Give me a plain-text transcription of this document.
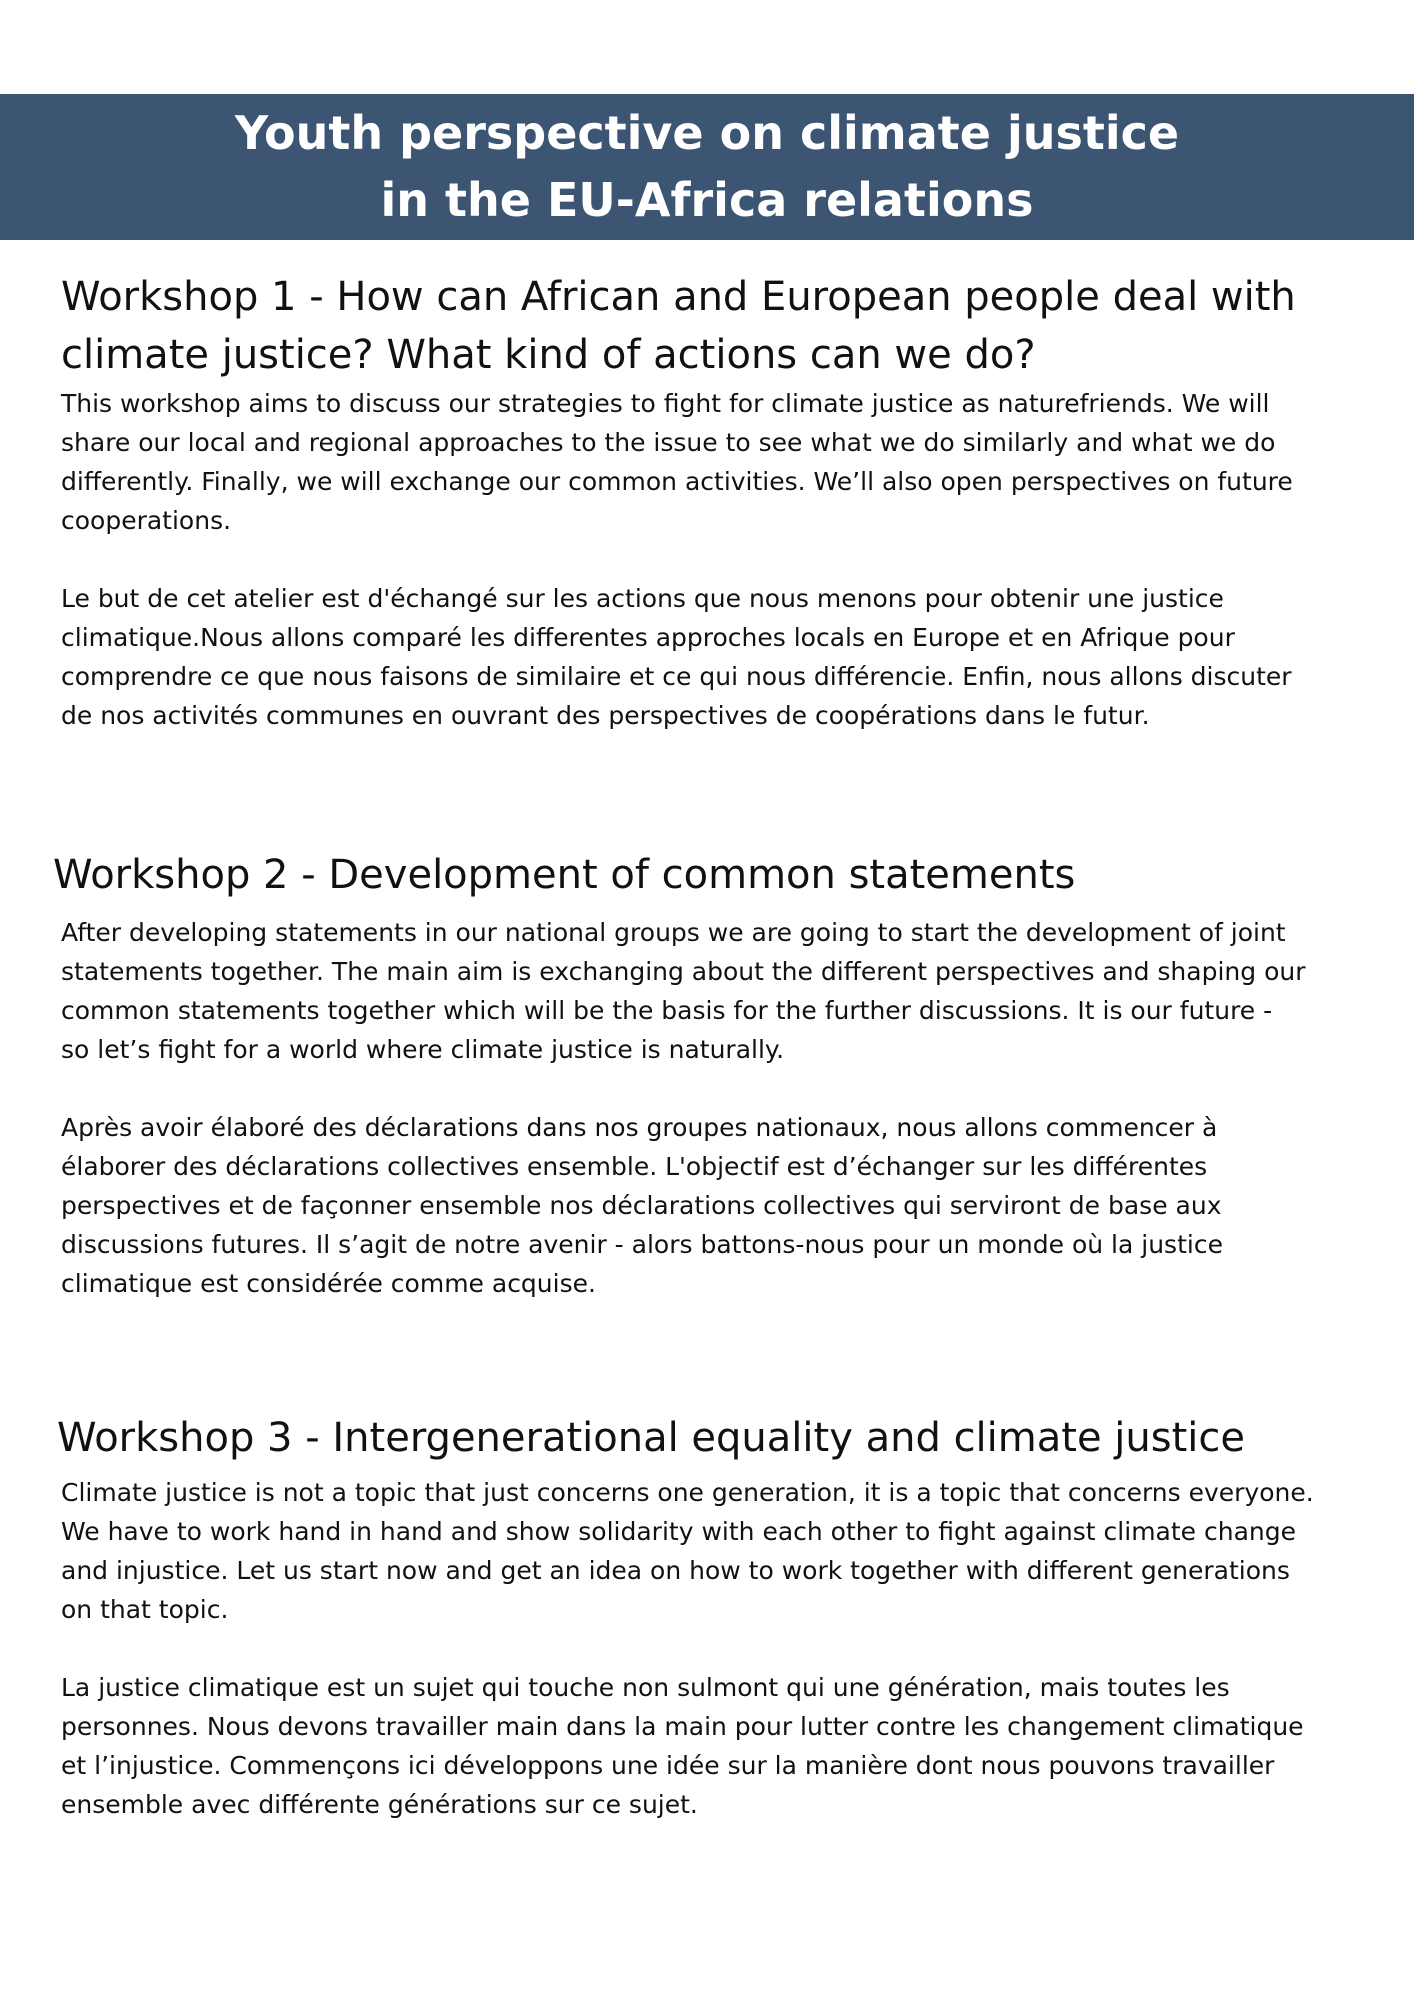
Youth perspective on climate justice
in the EU-Africa relations
Workshop 1 - How can African and European people deal with
climate justice? What kind of actions can we do?
This workshop aims to discuss our strategies to fight for climate justice as naturefriends. We will
share our local and regional approaches to the issue to see what we do similarly and what we do
differently. Finally, we will exchange our common activities. We’ll also open perspectives on future
cooperations.
Le but de cet atelier est d'échangé sur les actions que nous menons pour obtenir une justice
climatique.Nous allons comparé les differentes approches locals en Europe et en Afrique pour
comprendre ce que nous faisons de similaire et ce qui nous différencie. Enfin, nous allons discuter
de nos activités communes en ouvrant des perspectives de coopérations dans le futur.
Workshop 2 - Development of common statements
After developing statements in our national groups we are going to start the development of joint
statements together. The main aim is exchanging about the different perspectives and shaping our
common statements together which will be the basis for the further discussions. It is our future -
so let’s fight for a world where climate justice is naturally.
Après avoir élaboré des déclarations dans nos groupes nationaux, nous allons commencer à
élaborer des déclarations collectives ensemble. L'objectif est d’échanger sur les différentes
perspectives et de façonner ensemble nos déclarations collectives qui serviront de base aux
discussions futures. Il s’agit de notre avenir - alors battons-nous pour un monde où la justice
climatique est considérée comme acquise.
Workshop 3 - Intergenerational equality and climate justice
Climate justice is not a topic that just concerns one generation, it is a topic that concerns everyone.
We have to work hand in hand and show solidarity with each other to fight against climate change
and injustice. Let us start now and get an idea on how to work together with different generations
on that topic.
La justice climatique est un sujet qui touche non sulmont qui une génération, mais toutes les
personnes. Nous devons travailler main dans la main pour lutter contre les changement climatique
et l’injustice. Commençons ici développons une idée sur la manière dont nous pouvons travailler
ensemble avec différente générations sur ce sujet.
